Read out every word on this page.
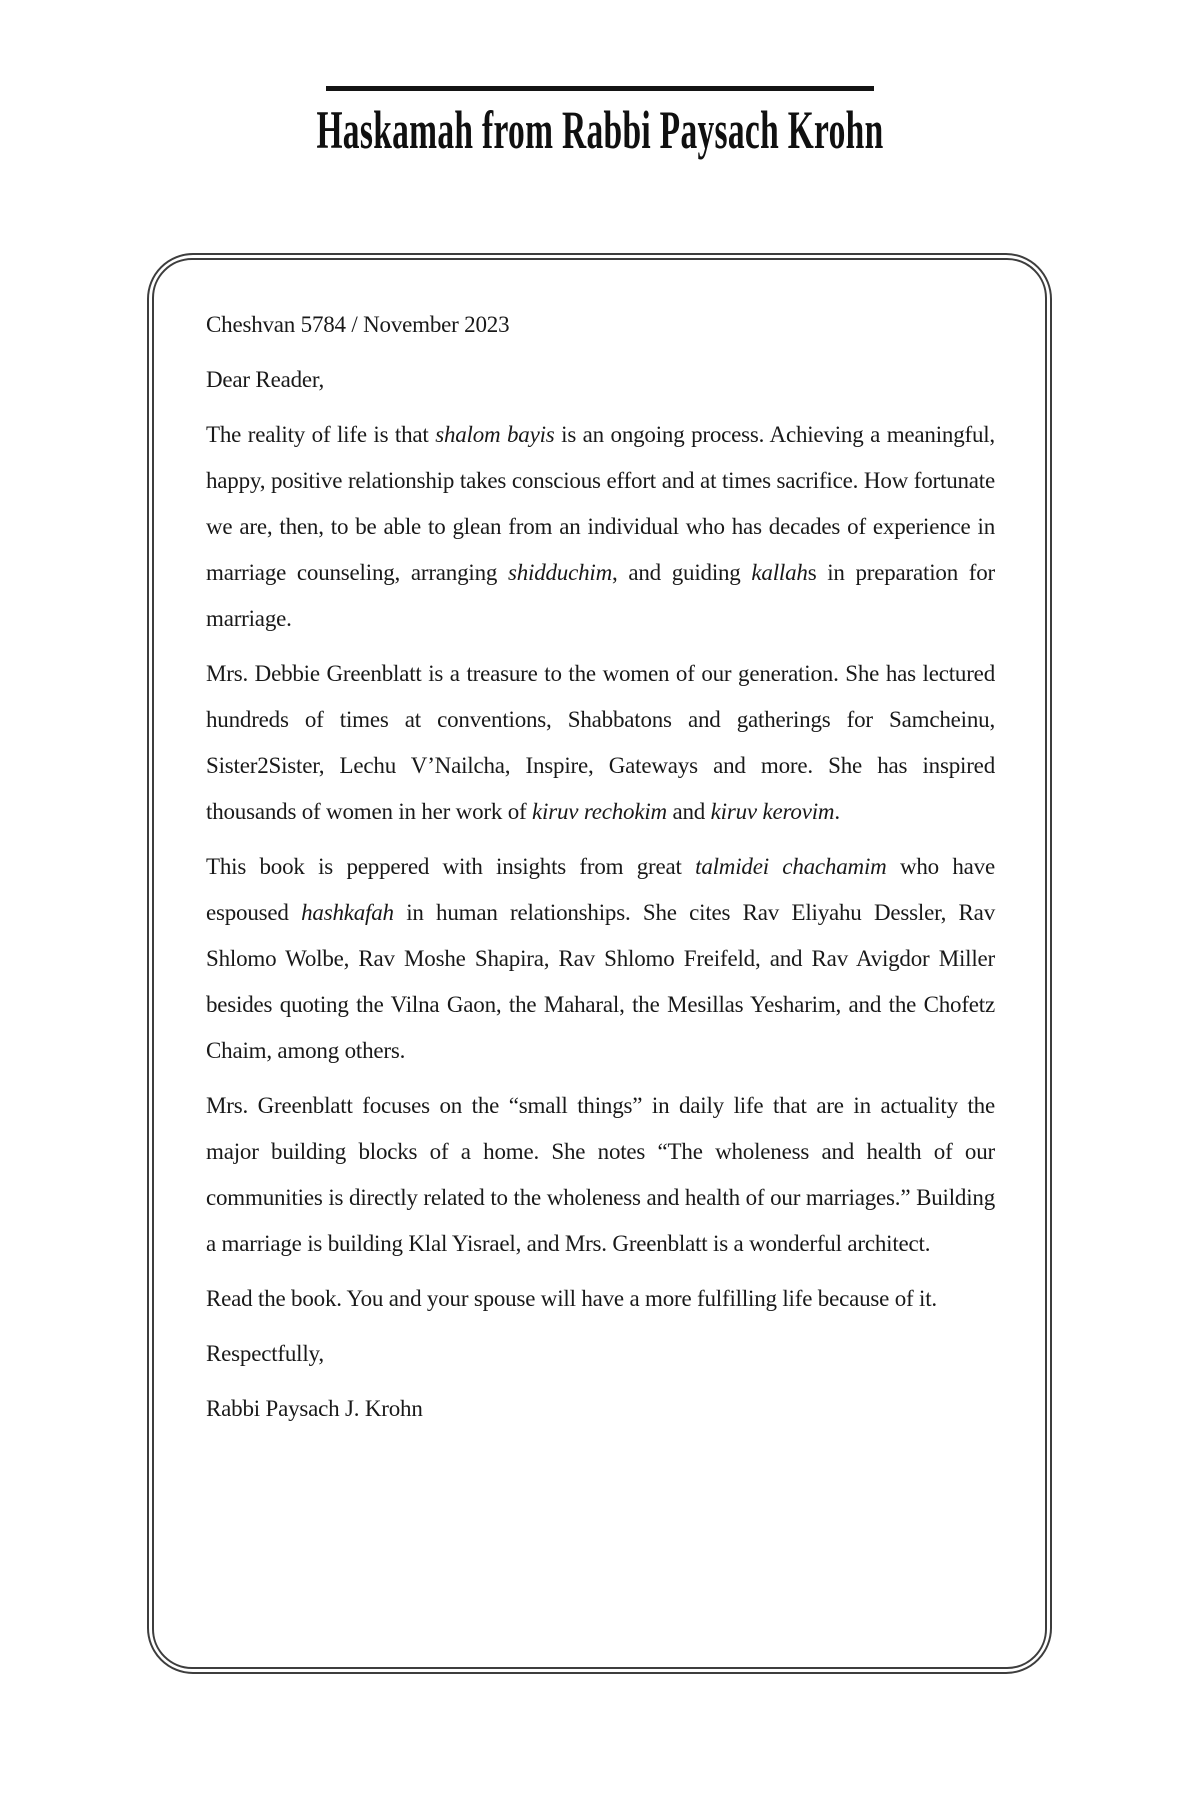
Haskamah from Rabbi Paysach Krohn

Cheshvan 5784 / November 2023

Dear Reader,

The reality of life is that shalom bayis is an ongoing process. Achieving a meaningful, happy, positive relationship takes conscious effort and at times sacrifice. How fortunate we are, then, to be able to glean from an individual who has decades of experience in marriage counseling, arranging shidduchim, and guiding kallahs in preparation for marriage.

Mrs. Debbie Greenblatt is a treasure to the women of our generation. She has lectured hundreds of times at conventions, Shabbatons and gatherings for Samcheinu, Sister2Sister, Lechu V’Nailcha, Inspire, Gateways and more. She has inspired thousands of women in her work of kiruv rechokim and kiruv kerovim.

This book is peppered with insights from great talmidei chachamim who have espoused hashkafah in human relationships. She cites Rav Eliyahu Dessler, Rav Shlomo Wolbe, Rav Moshe Shapira, Rav Shlomo Freifeld, and Rav Avigdor Miller besides quoting the Vilna Gaon, the Maharal, the Mesillas Yesharim, and the Chofetz Chaim, among others.

Mrs. Greenblatt focuses on the “small things” in daily life that are in actuality the major building blocks of a home. She notes “The wholeness and health of our communities is directly related to the wholeness and health of our marriages.” Building a marriage is building Klal Yisrael, and Mrs. Greenblatt is a wonderful architect.

Read the book. You and your spouse will have a more fulfilling life because of it.

Respectfully,

Rabbi Paysach J. Krohn
